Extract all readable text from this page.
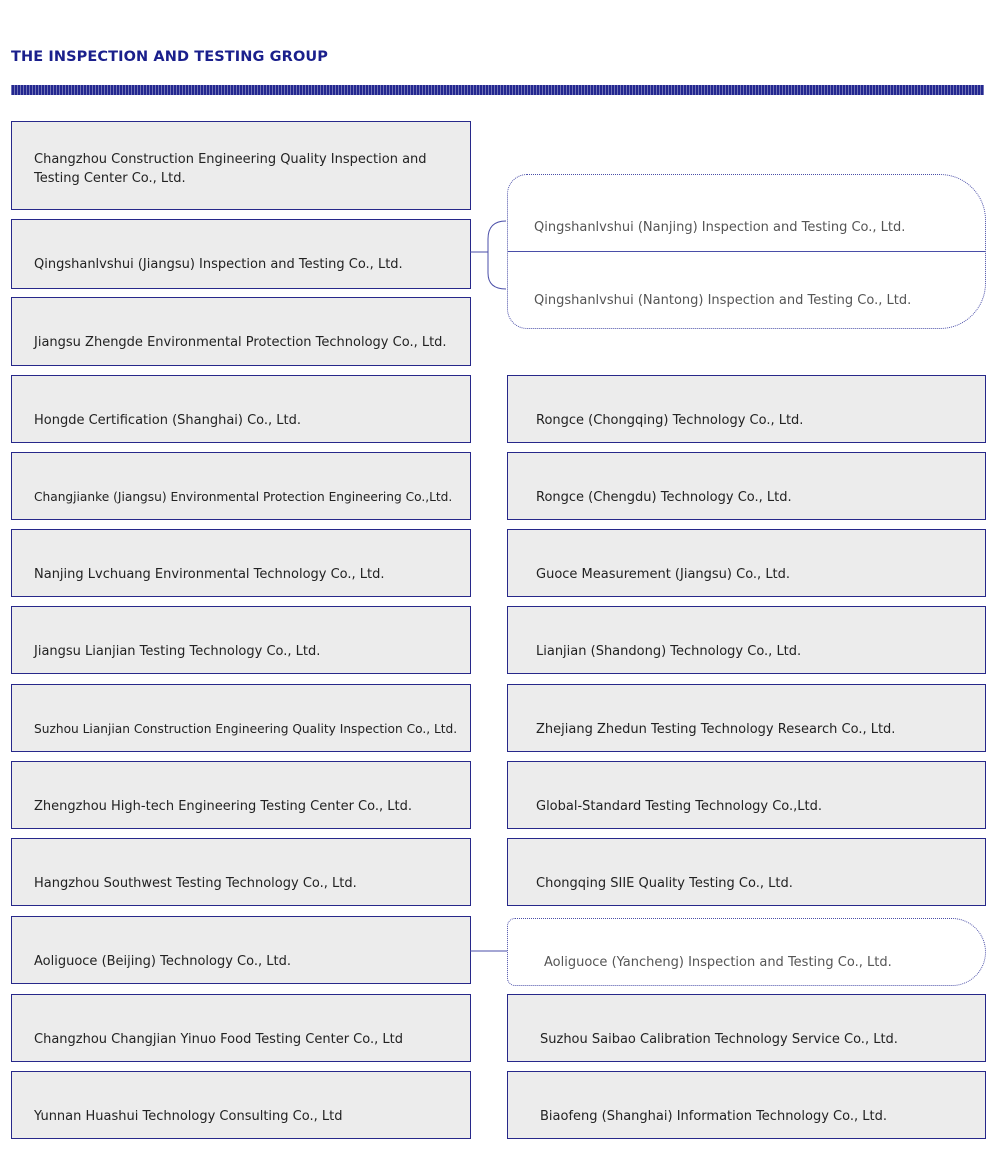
THE INSPECTION AND TESTING GROUP
Changzhou Construction Engineering Quality Inspection and Testing Center Co., Ltd.
Qingshanlvshui (Jiangsu) Inspection and Testing Co., Ltd.
Jiangsu Zhengde Environmental Protection Technology Co., Ltd.
Hongde Certification (Shanghai) Co., Ltd.
Changjianke (Jiangsu) Environmental Protection Engineering Co.,Ltd.
Nanjing Lvchuang Environmental Technology Co., Ltd.
Jiangsu Lianjian Testing Technology Co., Ltd.
Suzhou Lianjian Construction Engineering Quality Inspection Co., Ltd.
Zhengzhou High-tech Engineering Testing Center Co., Ltd.
Hangzhou Southwest Testing Technology Co., Ltd.
Aoliguoce (Beijing) Technology Co., Ltd.
Changzhou Changjian Yinuo Food Testing Center Co., Ltd
Yunnan Huashui Technology Consulting Co., Ltd
Qingshanlvshui (Nanjing) Inspection and Testing Co., Ltd.
Qingshanlvshui (Nantong) Inspection and Testing Co., Ltd.
Aoliguoce (Yancheng) Inspection and Testing Co., Ltd.
Rongce (Chongqing) Technology Co., Ltd.
Rongce (Chengdu) Technology Co., Ltd.
Guoce Measurement (Jiangsu) Co., Ltd.
Lianjian (Shandong) Technology Co., Ltd.
Zhejiang Zhedun Testing Technology Research Co., Ltd.
Global-Standard Testing Technology Co.,Ltd.
Chongqing SIIE Quality Testing Co., Ltd.
Suzhou Saibao Calibration Technology Service Co., Ltd.
Biaofeng (Shanghai) Information Technology Co., Ltd.
